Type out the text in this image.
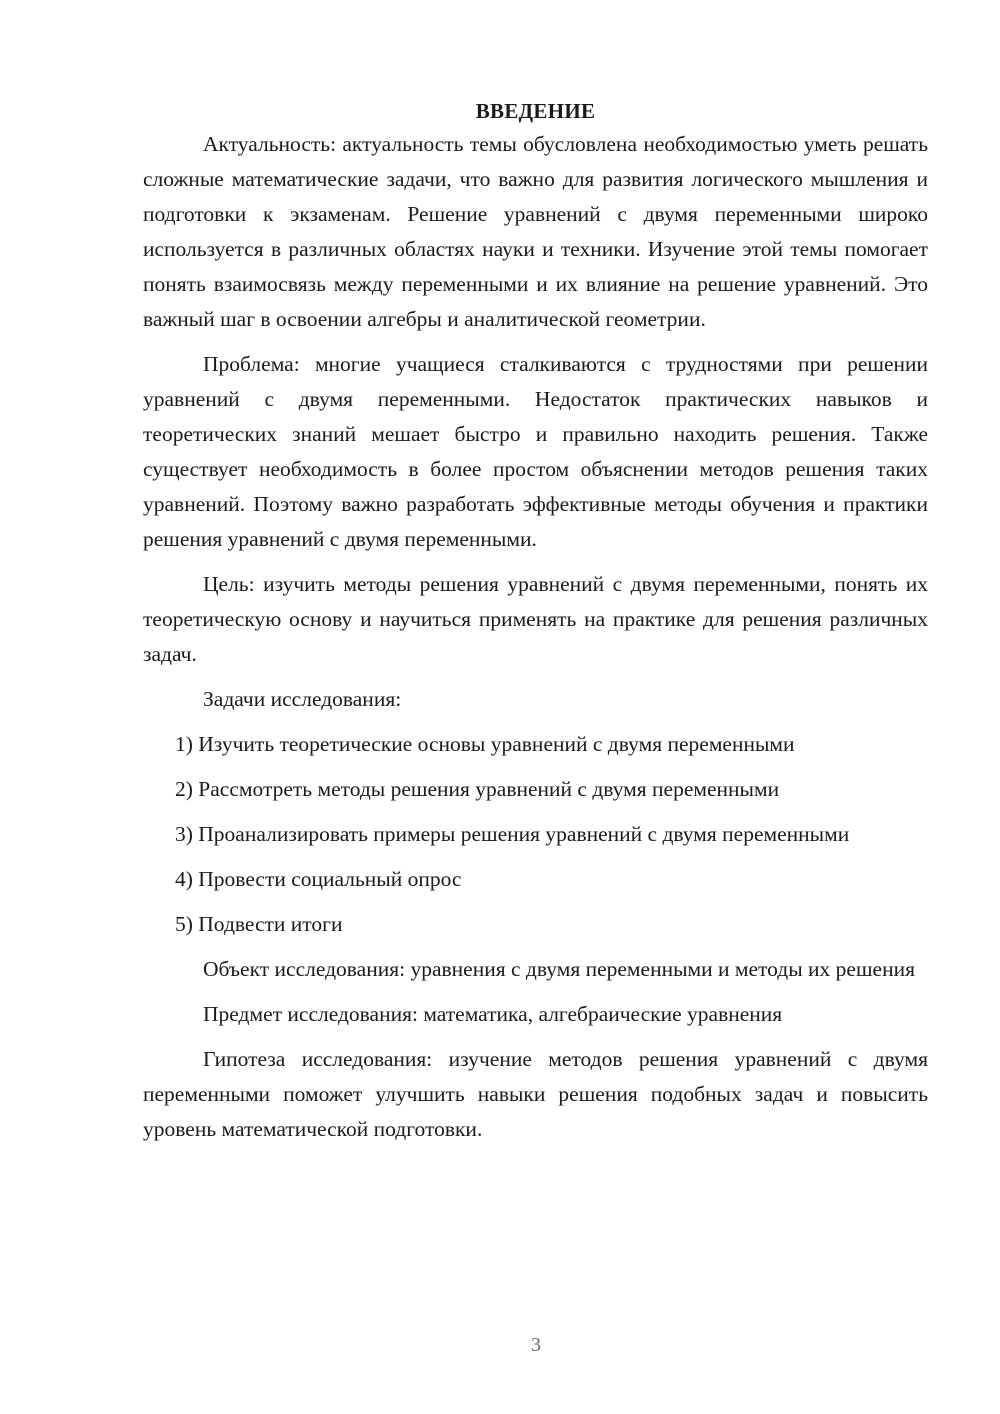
ВВЕДЕНИЕ

Актуальность: актуальность темы обусловлена необходимостью уметь решать сложные математические задачи, что важно для развития логического мышления и подготовки к экзаменам. Решение уравнений с двумя переменными широко используется в различных областях науки и техники. Изучение этой темы помогает понять взаимосвязь между переменными и их влияние на решение уравнений. Это важный шаг в освоении алгебры и аналитической геометрии.

Проблема: многие учащиеся сталкиваются с трудностями при решении уравнений с двумя переменными. Недостаток практических навыков и теоретических знаний мешает быстро и правильно находить решения. Также существует необходимость в более простом объяснении методов решения таких уравнений. Поэтому важно разработать эффективные методы обучения и практики решения уравнений с двумя переменными.

Цель: изучить методы решения уравнений с двумя переменными, понять их теоретическую основу и научиться применять на практике для решения различных задач.

Задачи исследования:

1) Изучить теоретические основы уравнений с двумя переменными

2) Рассмотреть методы решения уравнений с двумя переменными

3) Проанализировать примеры решения уравнений с двумя переменными

4) Провести социальный опрос

5) Подвести итоги

Объект исследования: уравнения с двумя переменными и методы их решения

Предмет исследования: математика, алгебраические уравнения

Гипотеза исследования: изучение методов решения уравнений с двумя переменными поможет улучшить навыки решения подобных задач и повысить уровень математической подготовки.

3
